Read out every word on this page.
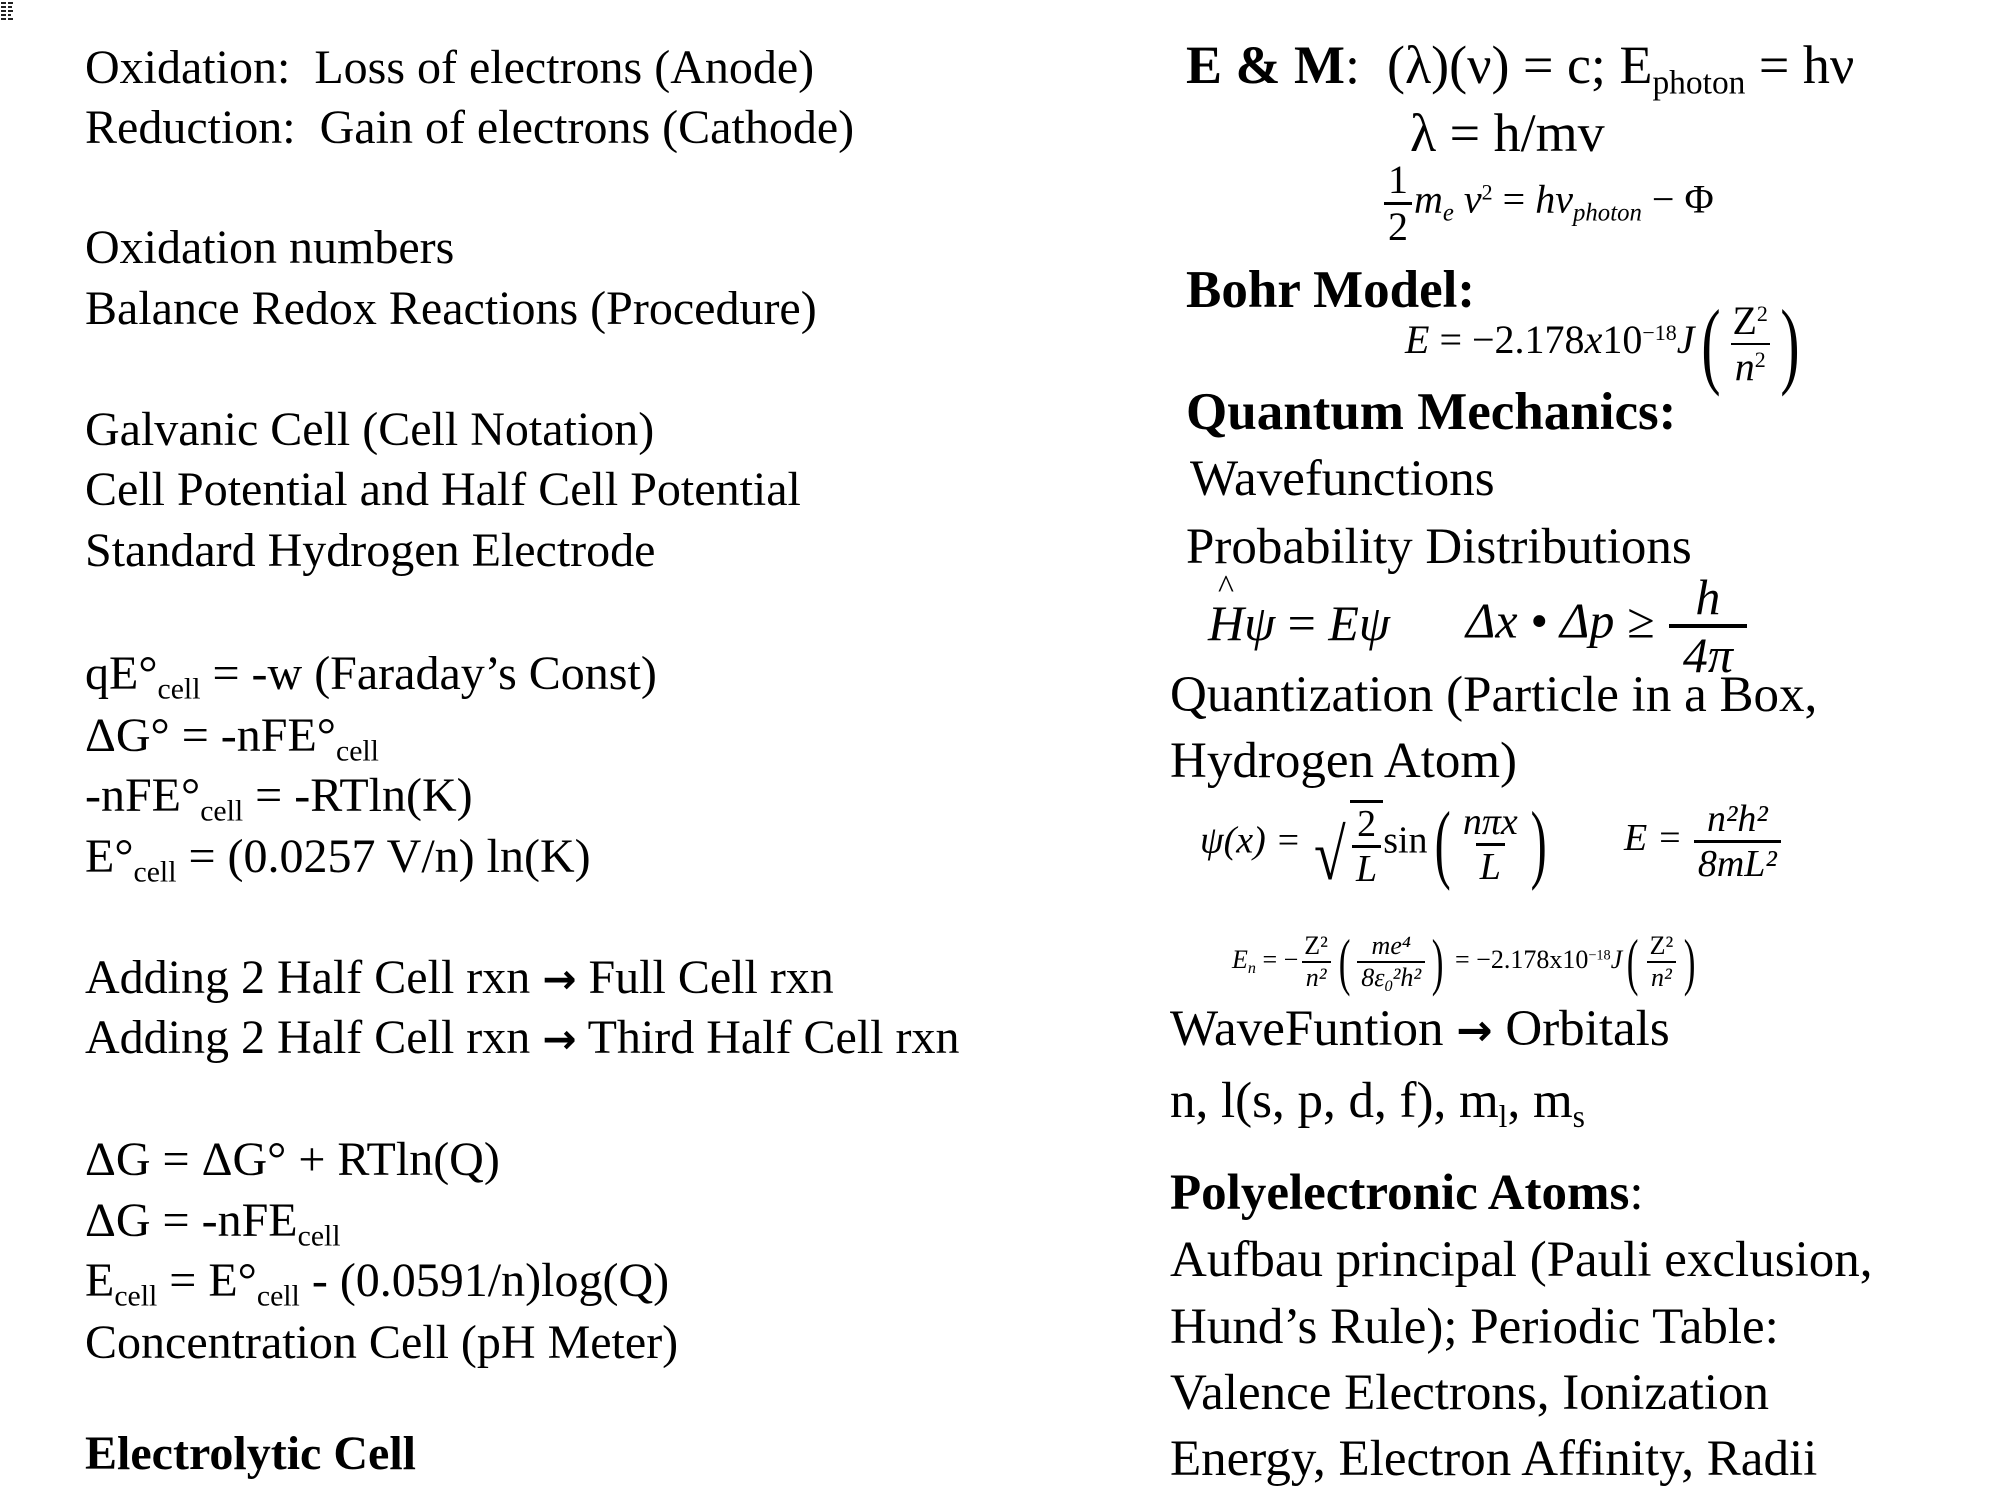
Oxidation: Loss of electrons (Anode)
Reduction: Gain of electrons (Cathode)
Oxidation numbers
Balance Redox Reactions (Procedure)
Galvanic Cell (Cell Notation)
Cell Potential and Half Cell Potential
Standard Hydrogen Electrode
$qE^\circ_{cell} = -w$ (Faraday’s Const)
$\Delta G^\circ = -nFE^\circ_{cell}$
$-nFE^\circ_{cell} = -RTln(K)$
$E^\circ_{cell} = (0.0257$ V/n) ln(K)
Adding 2 Half Cell rxn → Full Cell rxn
Adding 2 Half Cell rxn → Third Half Cell rxn
ΔG = ΔG° + RTln(Q)
ΔG = -nFE$_{cell}$
$E_{cell} = E^\circ_{cell} - (0.0591/n)\log(Q)$
Concentration Cell (pH Meter)
Electrolytic Cell
E & M: (λ)(ν) = c; $E_{photon} = h\nu$
λ = h/mv
$\frac{1}{2} m_e$ $v^2 = hv_{photon} - \Phi$
Bohr Model:
$E = -2.178x10^{-18}J( \frac{Z^2}{n^2}$ )
Quantum Mechanics:
Wavefunctions
Probability Distributions
H
^
ψ = Eψ Δx • $\Delta p \ge \frac{h}{4\pi}$
Quantization (Particle in a Box,
Hydrogen Atom)
ψ(x) = √ $\frac{2}{L} \sin( \frac{\text{nπx}}{L}$ ) $E = \frac{\text{n²h²}}{\text{8mL²}}$
$E_n$ = − $\frac{\text{Z²}}{\text{n²}}$ ( $\frac{\text{me⁴}}{8\varepsilon_0^2h^2}$ ) = $-2.178x10^{-18}J( \frac{\text{Z²}}{\text{n²}}$ )
WaveFuntion → Orbitals
n, l(s, p, d, f), $m_l$, $m_s$
Polyelectronic Atoms:
Aufbau principal (Pauli exclusion,
Hund’s Rule); Periodic Table:
Valence Electrons, Ionization
Energy, Electron Affinity, Radii
